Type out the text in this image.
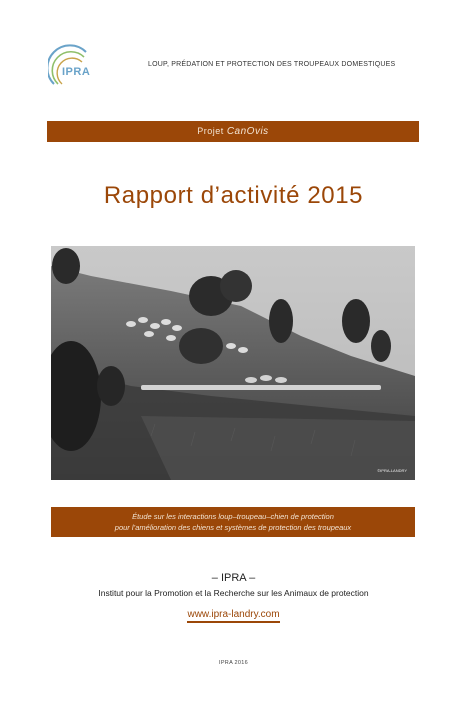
IPRA
LOUP, PRÉDATION ET PROTECTION DES TROUPEAUX DOMESTIQUES
Projet CanOvis
Rapport d’activité 2015
©IPRA-LANDRY
Étude sur les interactions loup–troupeau–chien de protection
pour l’amélioration des chiens et systèmes de protection des troupeaux
– IPRA –
Institut pour la Promotion et la Recherche sur les Animaux de protection
www.ipra-landry.com
IPRA 2016
